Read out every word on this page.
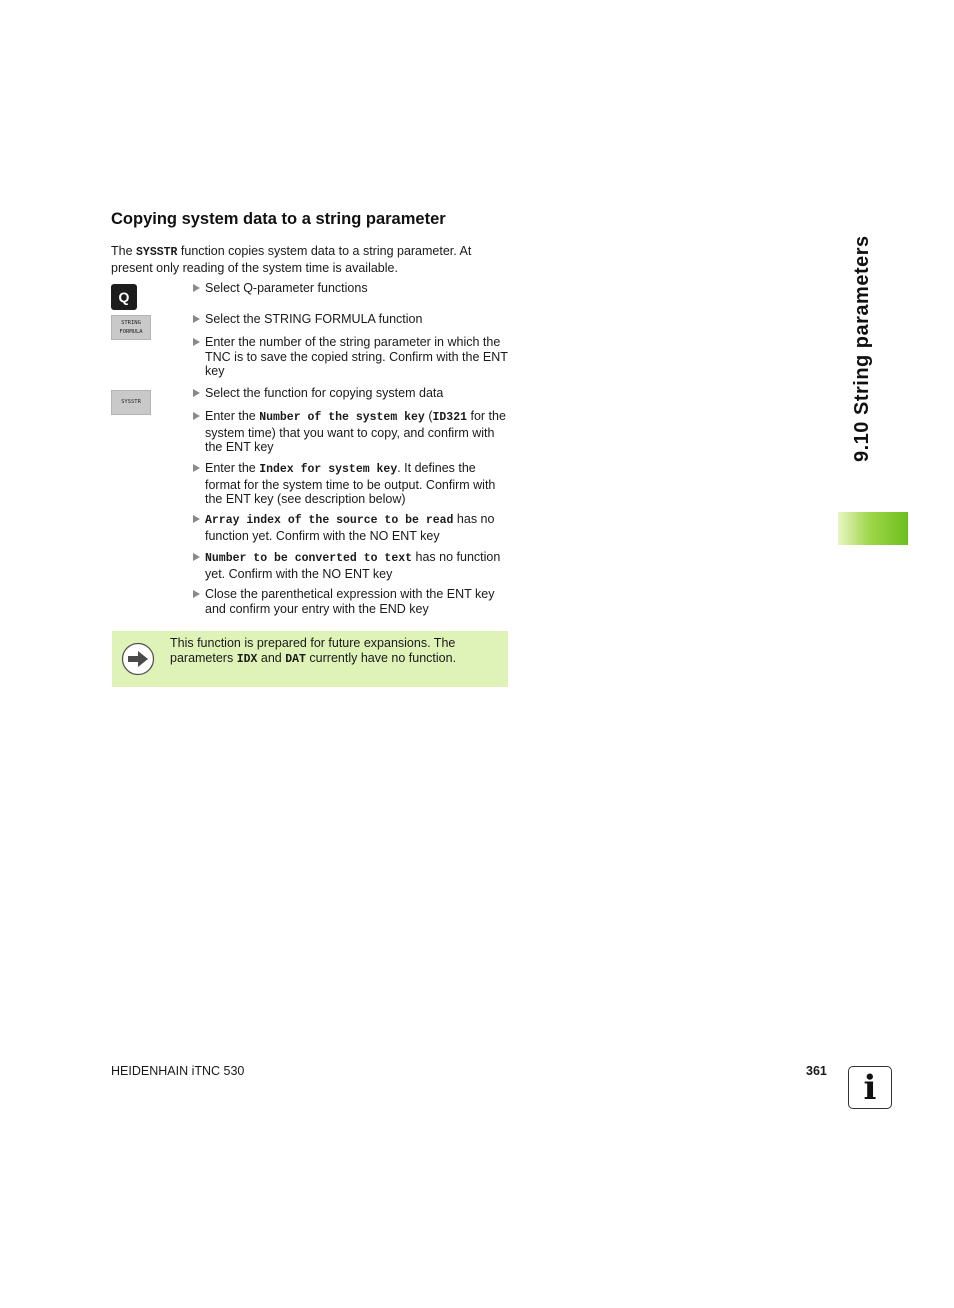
Copying system data to a string parameter

The SYSSTR function copies system data to a string parameter. At present only reading of the system time is available.

Q
STRING
FORMULA
SYSSTR
Select Q-parameter functions
Select the STRING FORMULA function
Enter the number of the string parameter in which the TNC is to save the copied string. Confirm with the ENT key
Select the function for copying system data
Enter the Number of the system key (ID321 for the system time) that you want to copy, and confirm with the ENT key
Enter the Index for system key. It defines the format for the system time to be output. Confirm with the ENT key (see description below)
Array index of the source to be read has no function yet. Confirm with the NO ENT key
Number to be converted to text has no function yet. Confirm with the NO ENT key
Close the parenthetical expression with the ENT key and confirm your entry with the END key
This function is prepared for future expansions. The parameters IDX and DAT currently have no function.
9.10 String parameters
HEIDENHAIN iTNC 530	361 i
